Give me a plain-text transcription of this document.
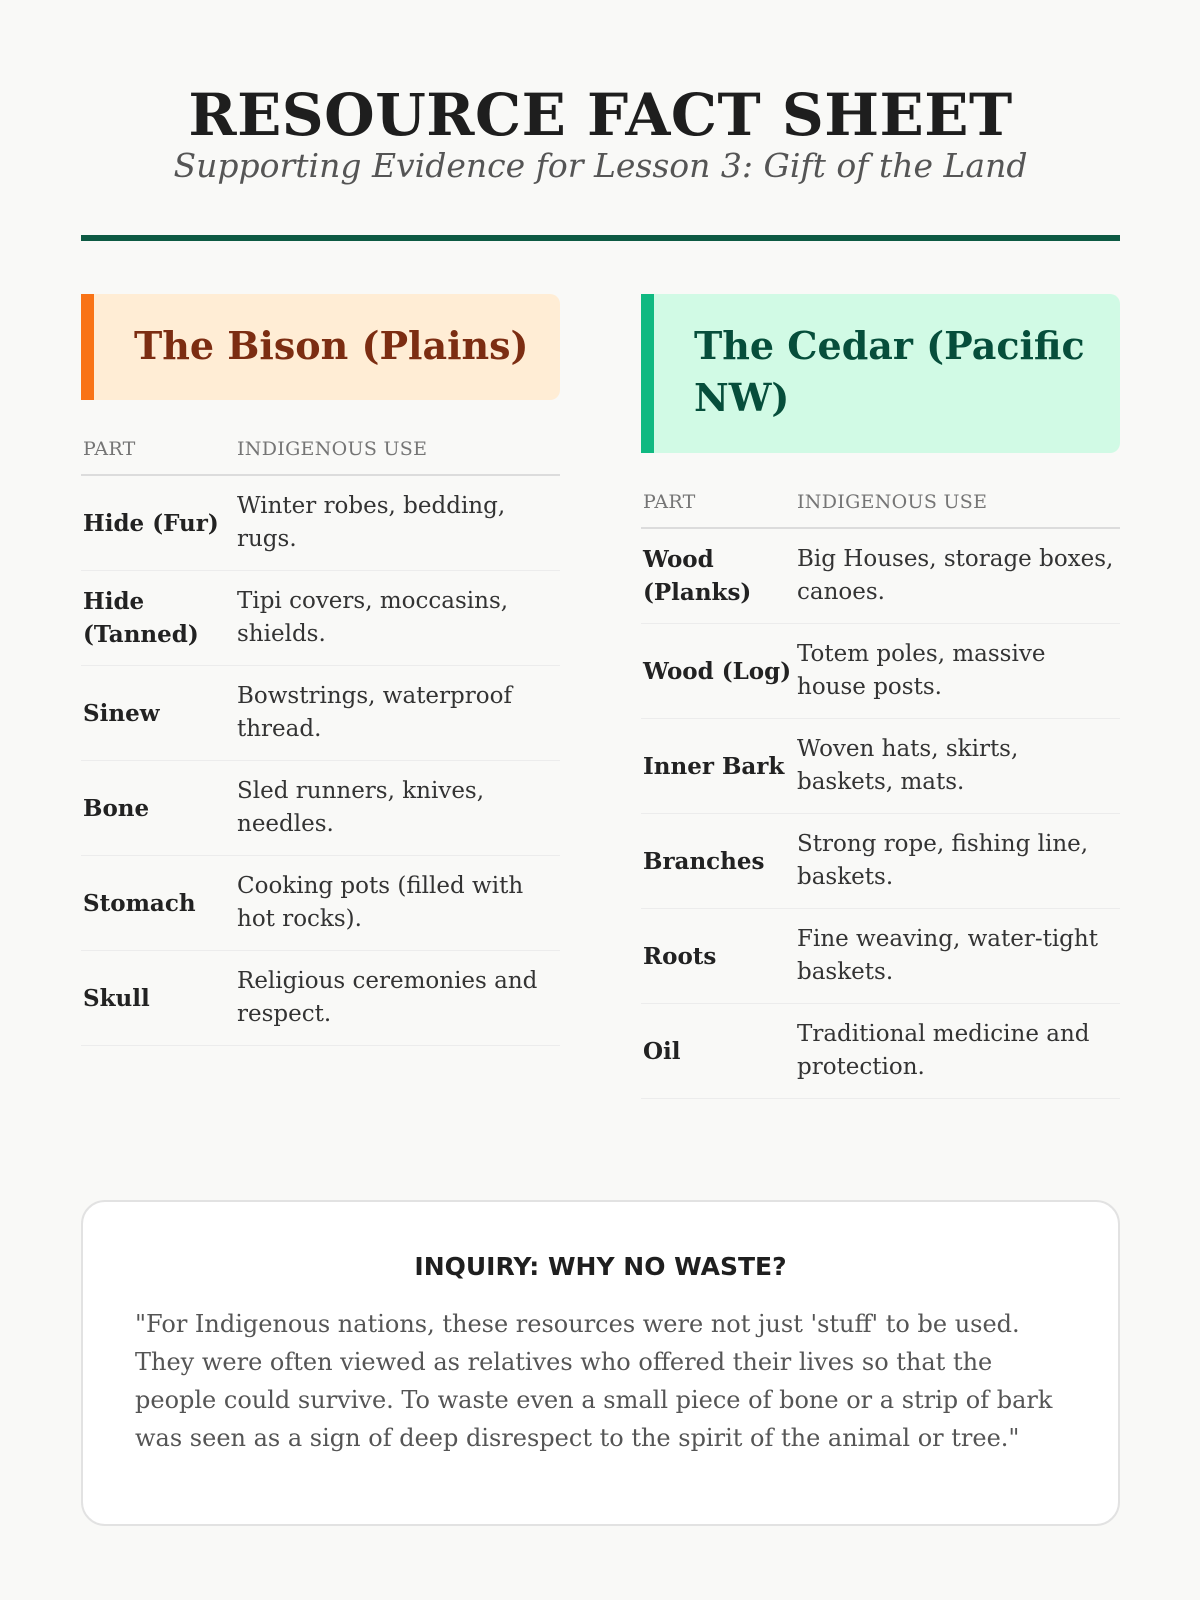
RESOURCE FACT SHEET
Supporting Evidence for Lesson 3: Gift of the Land
The Bison (Plains)
PART	INDIGENOUS USE
Hide (Fur)	Winter robes, bedding, rugs.
Hide (Tanned)	Tipi covers, moccasins, shields.
Sinew	Bowstrings, waterproof thread.
Bone	Sled runners, knives, needles.
Stomach	Cooking pots (filled with hot rocks).
Skull	Religious ceremonies and respect.
The Cedar (Pacific NW)
PART	INDIGENOUS USE
Wood (Planks)	Big Houses, storage boxes, canoes.
Wood (Log)	Totem poles, massive house posts.
Inner Bark	Woven hats, skirts, baskets, mats.
Branches	Strong rope, fishing line, baskets.
Roots	Fine weaving, water-tight baskets.
Oil	Traditional medicine and protection.
INQUIRY: WHY NO WASTE?
"For Indigenous nations, these resources were not just 'stuff' to be used. They were often viewed as relatives who offered their lives so that the people could survive. To waste even a small piece of bone or a strip of bark was seen as a sign of deep disrespect to the spirit of the animal or tree."
